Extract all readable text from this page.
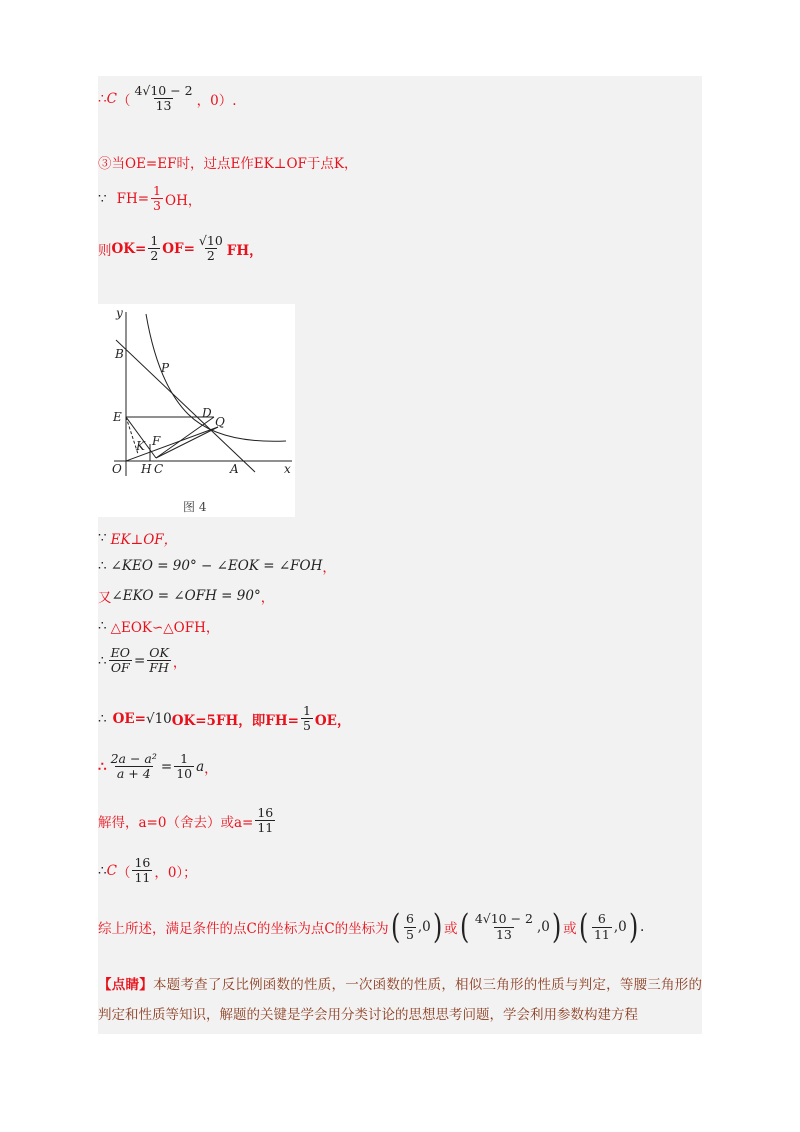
∴ C （ $\frac{4√10 - 2}{13}$ ，0）.
③当OE=EF时，过点E作EK⊥OF于点K，
∵ $FH= \frac{1}{3}$ OH，
则 $OK= \frac{1}{2} OF= \frac{√10}{2}$ FH，
y
x
B
P
E	D
Q
K F
O H C	A
图 4
∵ EK⊥OF，
∴ ∠KEO = 90° − ∠EOK = ∠FOH ，
又 ∠EKO = ∠OFH = 90° ，
∴ △EOK∽△OFH，
∴ $\frac{EO}{OF} = \frac{OK}{FH}$ ，
∴ OE= √10 OK=5FH，即$FH= \frac{1}{5}$ OE，
∴ $\frac{\text{2a − a²}}{a + 4} = \frac{1}{10}$ a ，
解得，a=0（舍去）或$a= \frac{16}{11}$
∴ C （ $\frac{16}{11}$ ，0）；
综上所述，满足条件的点C的坐标为点C的坐标为 ( $\frac{6}{5} ,0$ ) 或 ( $\frac{4√10 - 2}{13} ,0$ ) 或 ( $\frac{6}{11} ,0$ ) .
【点睛】本题考查了反比例函数的性质，一次函数的性质，相似三角形的性质与判定，等腰三角形的判定和性质等知识，解题的关键是学会用分类讨论的思想思考问题，学会利用参数构建方程
